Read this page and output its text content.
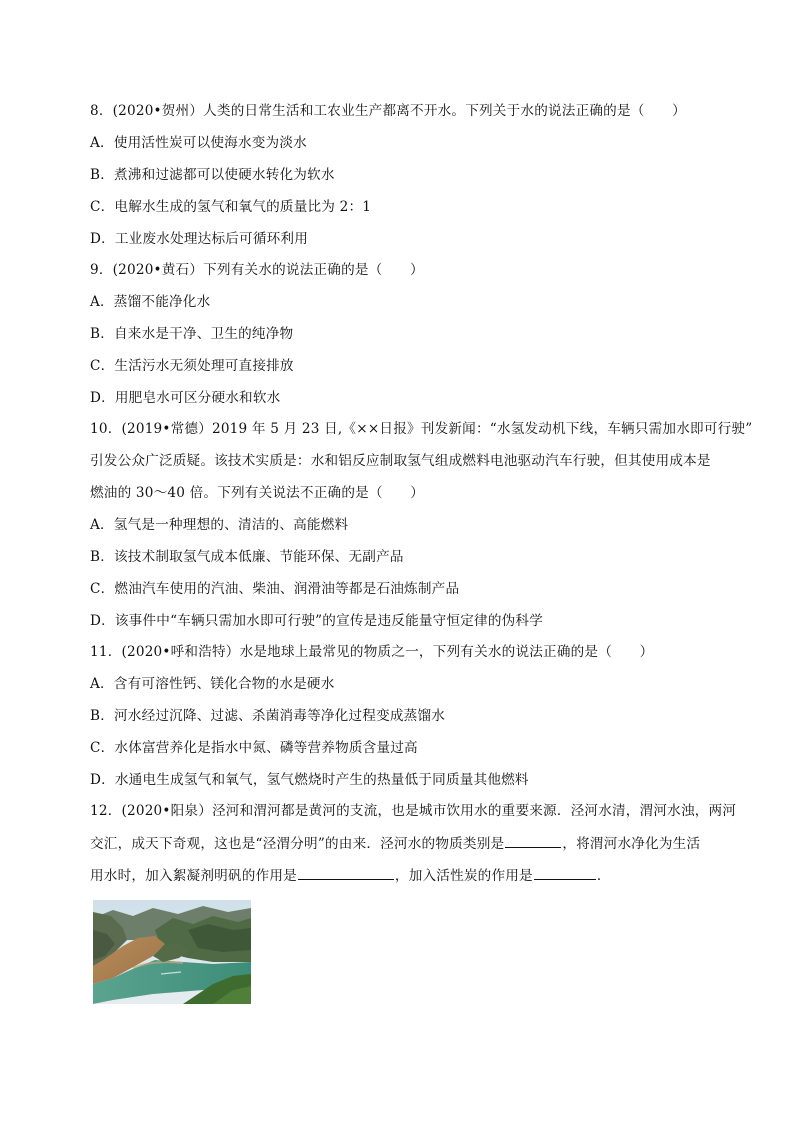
8．(2020•贺州）人类的日常生活和工农业生产都离不开水。下列关于水的说法正确的是（　　）
A．使用活性炭可以使海水变为淡水
B．煮沸和过滤都可以使硬水转化为软水
C．电解水生成的氢气和氧气的质量比为 2：1
D．工业废水处理达标后可循环利用
9．(2020•黄石）下列有关水的说法正确的是（　　）
A．蒸馏不能净化水
B．自来水是干净、卫生的纯净物
C．生活污水无须处理可直接排放
D．用肥皂水可区分硬水和软水
10．(2019•常德）2019 年 5 月 23 日,《××日报》刊发新闻：“水氢发动机下线，车辆只需加水即可行驶”
引发公众广泛质疑。该技术实质是：水和铝反应制取氢气组成燃料电池驱动汽车行驶，但其使用成本是
燃油的 30～40 倍。下列有关说法不正确的是（　　）
A．氢气是一种理想的、清洁的、高能燃料
B．该技术制取氢气成本低廉、节能环保、无副产品
C．燃油汽车使用的汽油、柴油、润滑油等都是石油炼制产品
D．该事件中“车辆只需加水即可行驶”的宣传是违反能量守恒定律的伪科学
11．(2020•呼和浩特）水是地球上最常见的物质之一，下列有关水的说法正确的是（　　）
A．含有可溶性钙、镁化合物的水是硬水
B．河水经过沉降、过滤、杀菌消毒等净化过程变成蒸馏水
C．水体富营养化是指水中氮、磷等营养物质含量过高
D．水通电生成氢气和氧气，氢气燃烧时产生的热量低于同质量其他燃料
12．(2020•阳泉）泾河和渭河都是黄河的支流，也是城市饮用水的重要来源．泾河水清，渭河水浊，两河
交汇，成天下奇观，这也是“泾渭分明”的由来．泾河水的物质类别是	，将渭河水净化为生活
用水时，加入絮凝剂明矾的作用是	，加入活性炭的作用是	．
